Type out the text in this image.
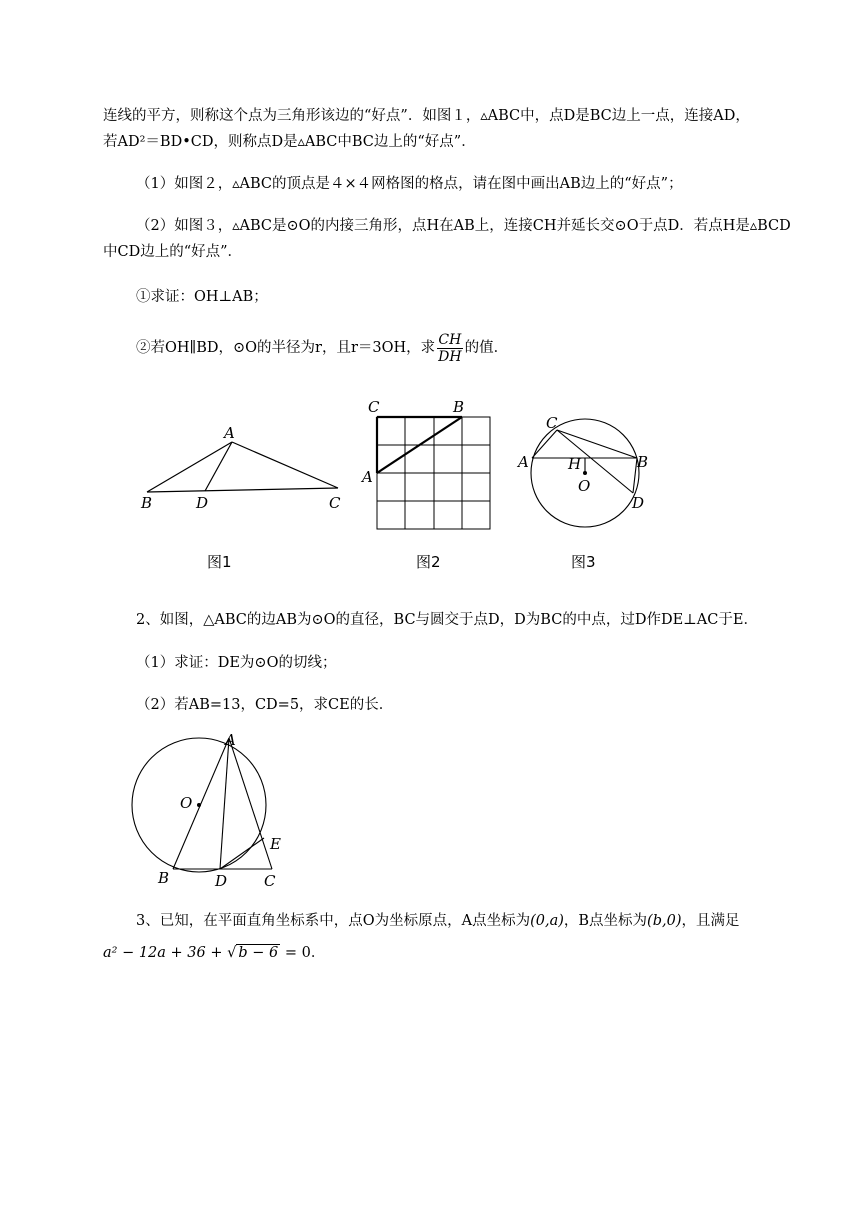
连线的平方，则称这个点为三角形该边的“好点”．如图１，▵ABC中，点D是BC边上一点，连接AD，
若AD²＝BD•CD，则称点D是▵ABC中BC边上的“好点”．
（1）如图２，▵ABC的顶点是４×４网格图的格点，请在图中画出AB边上的“好点”；
（2）如图３，▵ABC是⊙O的内接三角形，点H在AB上，连接CH并延长交⊙O于点D．若点H是▵BCD
中CD边上的“好点”．
①求证：OH⊥AB；
②若OH∥BD，⊙O的半径为r，且r＝3OH，求 $\frac{CH}{DH}$ 的值．
A
B	D	C
C	B
A
C
A	H	B
O
D
A
O
E
B	D C
图1	图2	图3
2、如图，△ABC的边AB为⊙O的直径，BC与圆交于点D，D为BC的中点，过D作DE⊥AC于E．
（1）求证：DE为⊙O的切线；
（2）若AB=13，CD=5，求CE的长．
3、已知，在平面直角坐标系中，点O为坐标原点，A点坐标为(0,a)，B点坐标为(b,0)，且满足
a² − 12a + 36 + √ b − 6 = 0．
